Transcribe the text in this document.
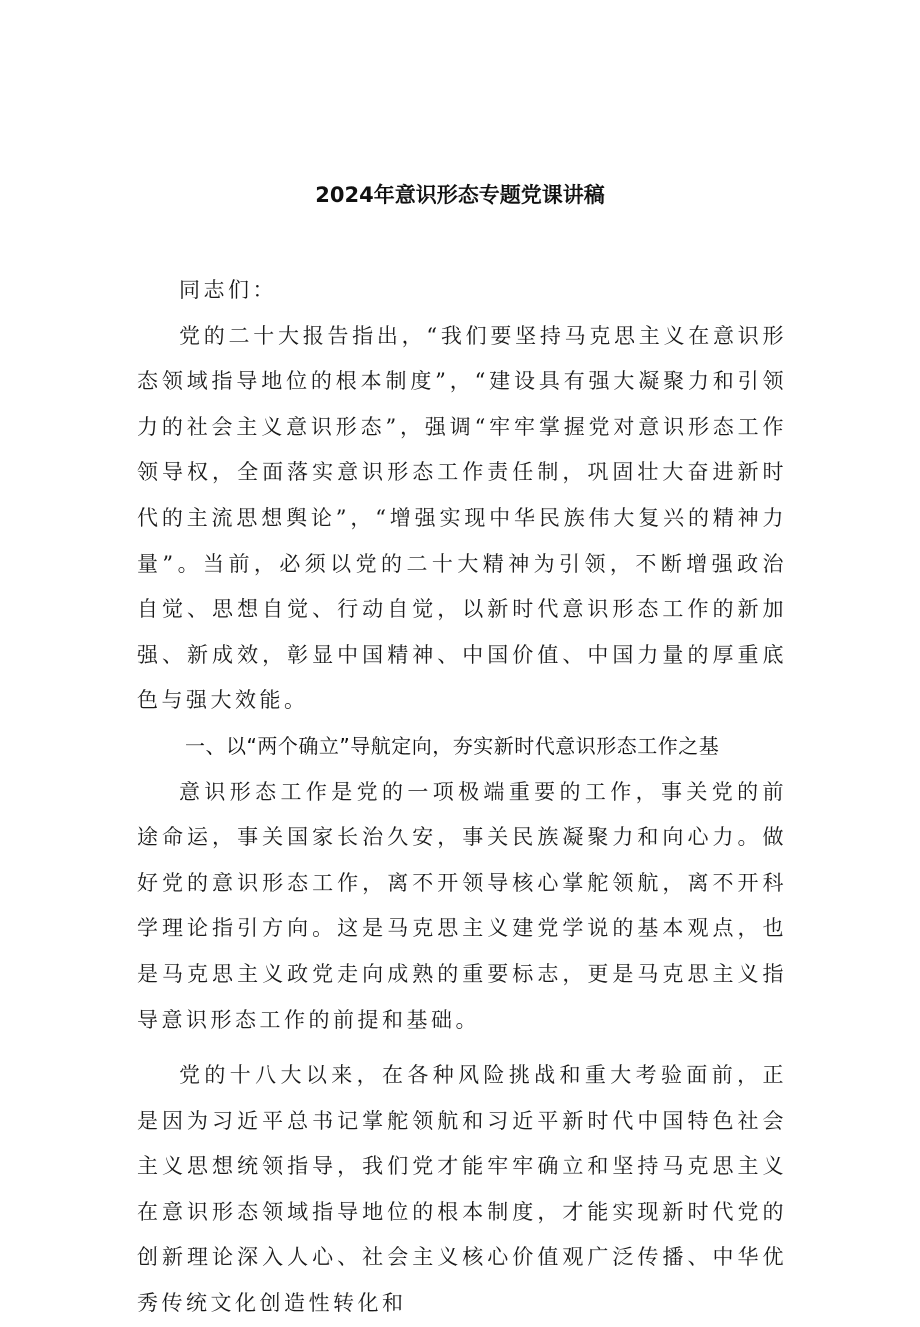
2024年意识形态专题党课讲稿

同志们：

党的二十大报告指出，“我们要坚持马克思主义在意识形态领域指导地位的根本制度”，“建设具有强大凝聚力和引领力的社会主义意识形态”，强调“牢牢掌握党对意识形态工作领导权，全面落实意识形态工作责任制，巩固壮大奋进新时代的主流思想舆论”，“增强实现中华民族伟大复兴的精神力量”。当前，必须以党的二十大精神为引领，不断增强政治自觉、思想自觉、行动自觉，以新时代意识形态工作的新加强、新成效，彰显中国精神、中国价值、中国力量的厚重底色与强大效能。

一、以“两个确立”导航定向，夯实新时代意识形态工作之基

意识形态工作是党的一项极端重要的工作，事关党的前途命运，事关国家长治久安，事关民族凝聚力和向心力。做好党的意识形态工作，离不开领导核心掌舵领航，离不开科学理论指引方向。这是马克思主义建党学说的基本观点，也是马克思主义政党走向成熟的重要标志，更是马克思主义指导意识形态工作的前提和基础。

党的十八大以来，在各种风险挑战和重大考验面前，正是因为习近平总书记掌舵领航和习近平新时代中国特色社会主义思想统领指导，我们党才能牢牢确立和坚持马克思主义在意识形态领域指导地位的根本制度，才能实现新时代党的创新理论深入人心、社会主义核心价值观广泛传播、中华优秀传统文化创造性转化和
